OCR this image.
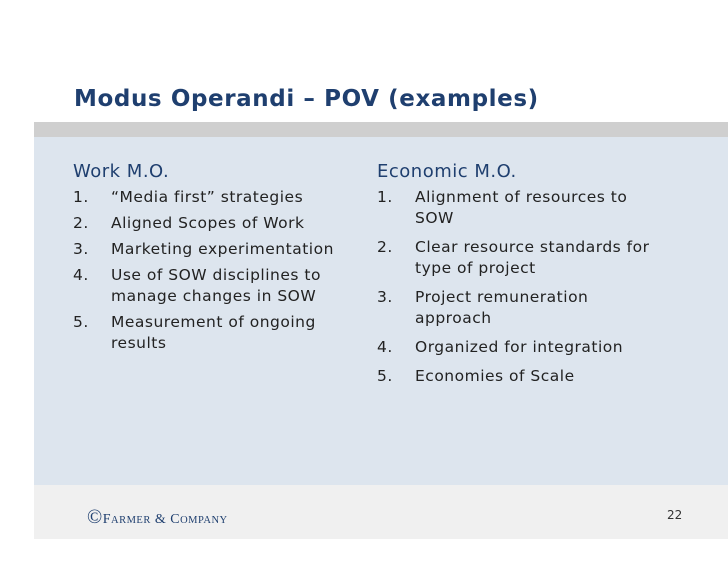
Modus Operandi – POV (examples)
Work M.O.
1. “Media first” strategies
2. Aligned Scopes of Work
3. Marketing experimentation
4. Use of SOW disciplines to manage changes in SOW
5. Measurement of ongoing results
Economic M.O.
1. Alignment of resources to SOW
2. Clear resource standards for type of project
3. Project remuneration approach
4. Organized for integration
5. Economies of Scale
©FARMER & COMPANY	22
